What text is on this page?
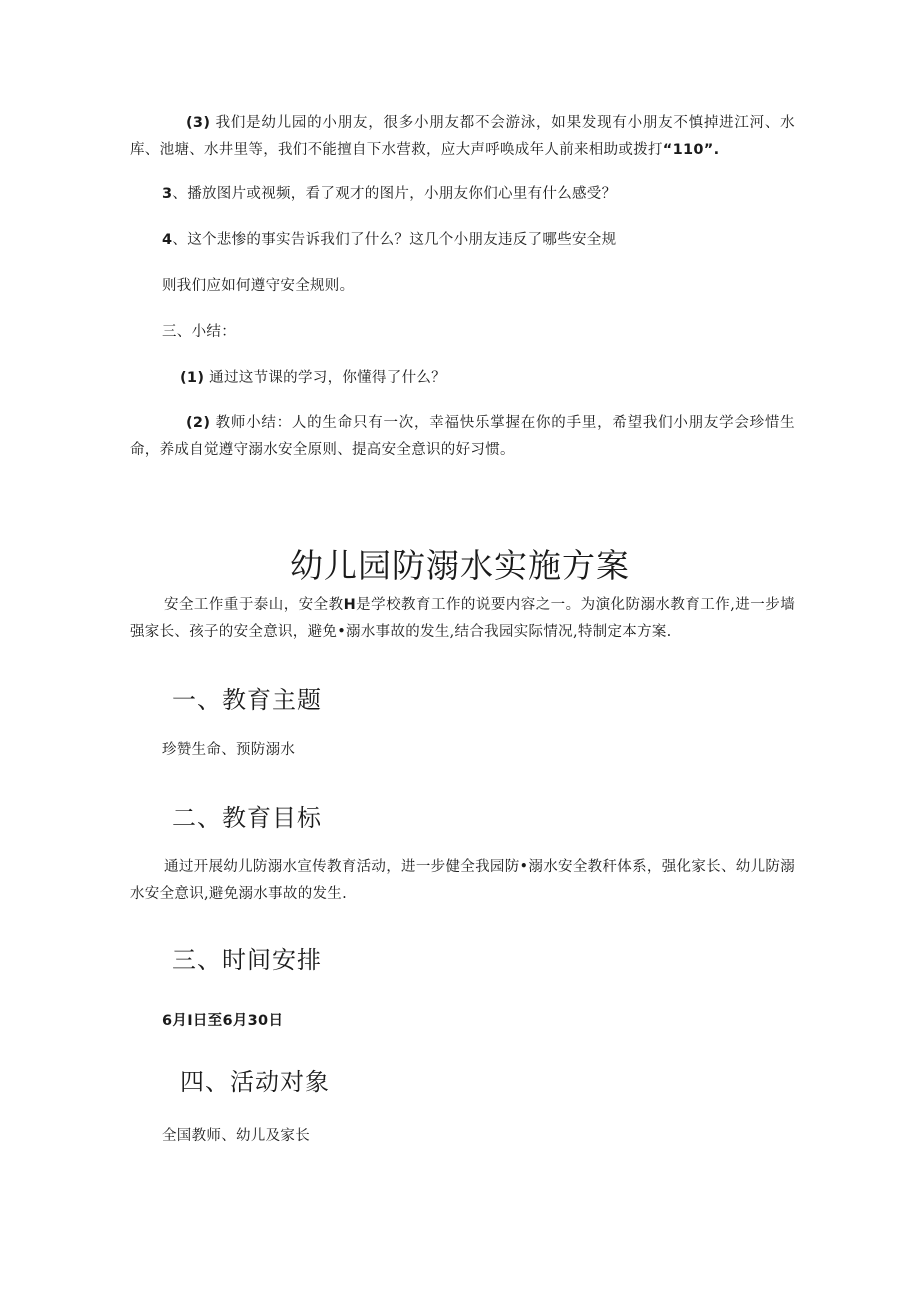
(3) 我们是幼儿园的小朋友，很多小朋友都不会游泳，如果发现有小朋友不慎掉进江河、水库、池塘、水井里等，我们不能擅自下水营救，应大声呼唤成年人前来相助或拨打“110”.

3、播放图片或视频，看了观才的图片，小朋友你们心里有什么感受？

4、这个悲惨的事实告诉我们了什么？这几个小朋友违反了哪些安全规

则我们应如何遵守安全规则。

三、小结：

(1) 通过这节课的学习，你懂得了什么？

(2) 教师小结：人的生命只有一次，幸福快乐掌握在你的手里，希望我们小朋友学会珍惜生命，养成自觉遵守溺水安全原则、提高安全意识的好习惯。

幼儿园防溺水实施方案

安全工作重于泰山，安全教H是学校教育工作的说要内容之一。为演化防溺水教育工作,进一步墙强家长、孩子的安全意识，避免•溺水事故的发生,结合我园实际情况,特制定本方案.

一、教育主题

珍赞生命、预防溺水

二、教育目标

通过开展幼儿防溺水宣传教育活动，进一步健全我园防•溺水安全教秆体系，强化家长、幼儿防溺水安全意识,避免溺水事故的发生.

三、时间安排

6月I日至6月30日

四、活动对象

全国教师、幼儿及家长
